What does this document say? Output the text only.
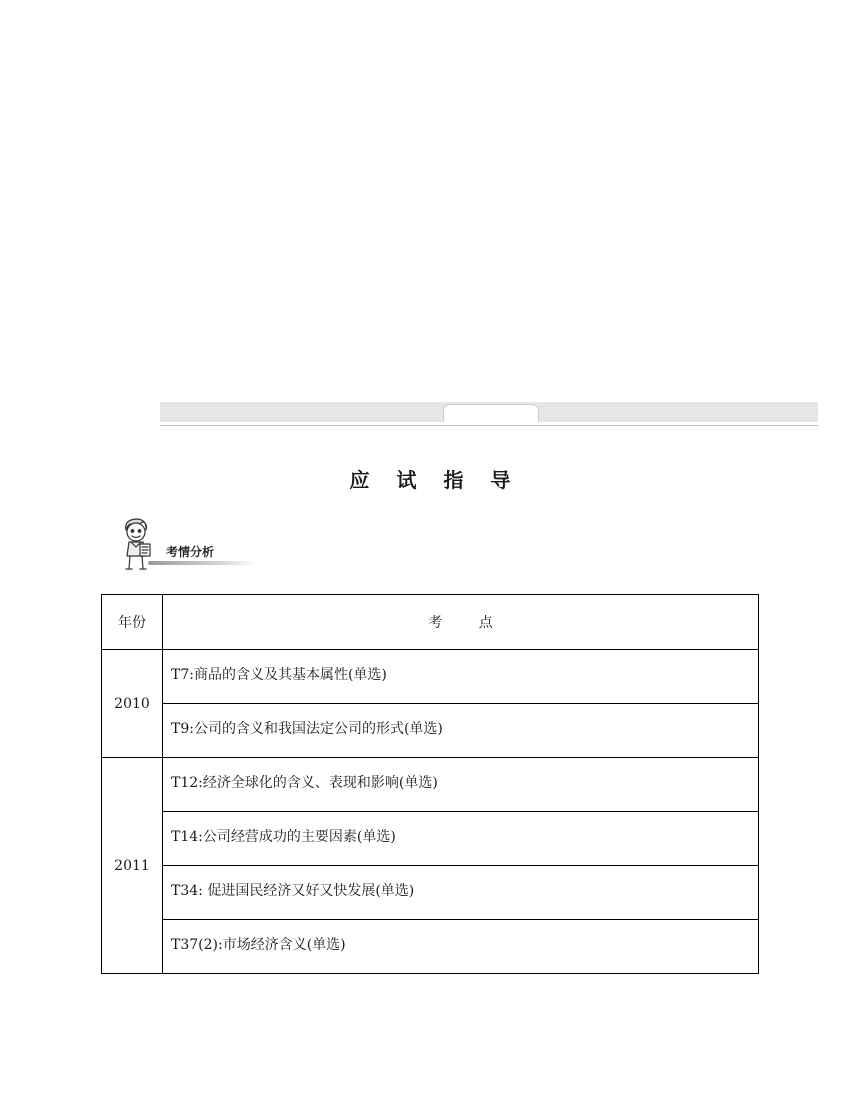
应 试 指 导
考情分析
年份	考 点
2010	T7:商品的含义及其基本属性(单选)
	T9:公司的含义和我国法定公司的形式(单选)
2011	T12:经济全球化的含义、表现和影响(单选)
	T14:公司经营成功的主要因素(单选)
	T34: 促进国民经济又好又快发展(单选)
	T37(2):市场经济含义(单选)
